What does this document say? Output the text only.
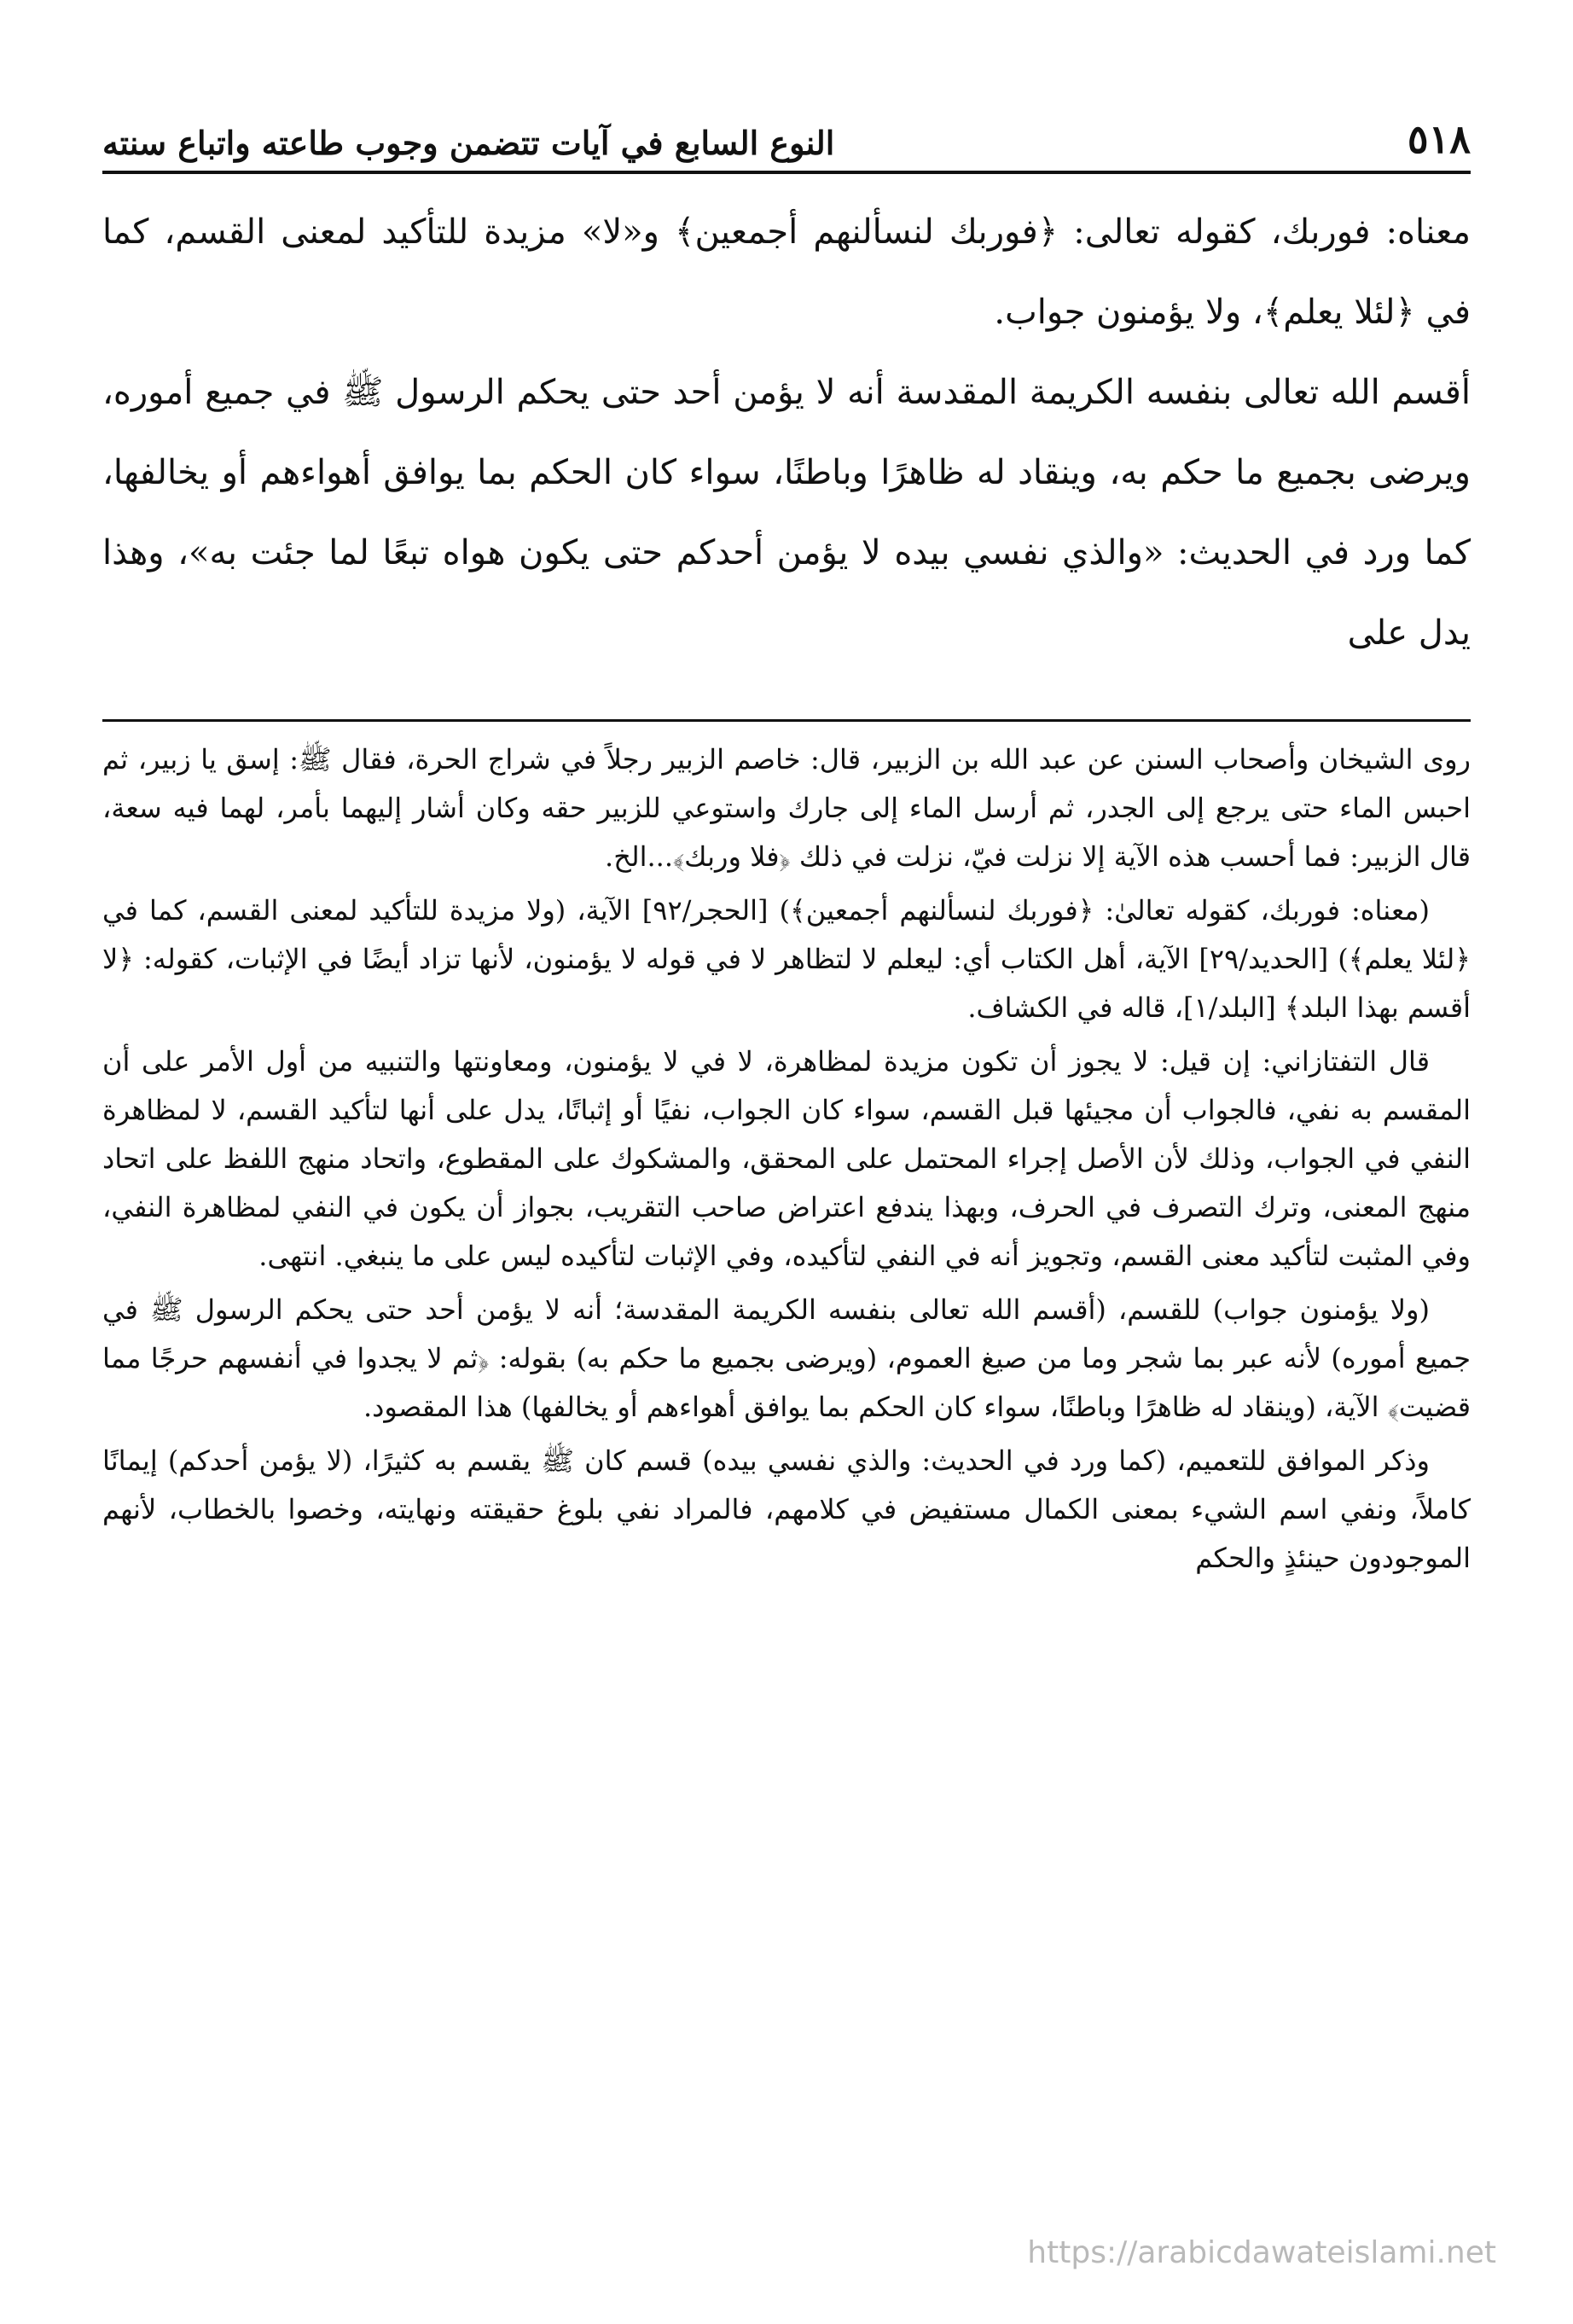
٥١٨
النوع السابع في آيات تتضمن وجوب طاعته واتباع سنته

معناه: فوربك، كقوله تعالى: ﴿فوربك لنسألنهم أجمعين﴾ و«لا» مزيدة للتأكيد لمعنى القسم، كما في ﴿لئلا يعلم﴾، ولا يؤمنون جواب.

أقسم الله تعالى بنفسه الكريمة المقدسة أنه لا يؤمن أحد حتى يحكم الرسول ﷺ في جميع أموره، ويرضى بجميع ما حكم به، وينقاد له ظاهرًا وباطنًا، سواء كان الحكم بما يوافق أهواءهم أو يخالفها، كما ورد في الحديث: «والذي نفسي بيده لا يؤمن أحدكم حتى يكون هواه تبعًا لما جئت به»، وهذا يدل على

روى الشيخان وأصحاب السنن عن عبد الله بن الزبير، قال: خاصم الزبير رجلاً في شراج الحرة، فقال ﷺ: إسق يا زبير، ثم احبس الماء حتى يرجع إلى الجدر، ثم أرسل الماء إلى جارك واستوعي للزبير حقه وكان أشار إليهما بأمر، لهما فيه سعة، قال الزبير: فما أحسب هذه الآية إلا نزلت فيّ، نزلت في ذلك ﴿فلا وربك﴾...الخ.

(معناه: فوربك، كقوله تعالىٰ: ﴿فوربك لنسألنهم أجمعين﴾) [الحجر/٩٢] الآية، (ولا مزيدة للتأكيد لمعنى القسم، كما في ﴿لئلا يعلم﴾) [الحديد/٢٩] الآية، أهل الكتاب أي: ليعلم لا لتظاهر لا في قوله لا يؤمنون، لأنها تزاد أيضًا في الإثبات، كقوله: ﴿لا أقسم بهذا البلد﴾ [البلد/١]، قاله في الكشاف.

قال التفتازاني: إن قيل: لا يجوز أن تكون مزيدة لمظاهرة، لا في لا يؤمنون، ومعاونتها والتنبيه من أول الأمر على أن المقسم به نفي، فالجواب أن مجيئها قبل القسم، سواء كان الجواب، نفيًا أو إثباتًا، يدل على أنها لتأكيد القسم، لا لمظاهرة النفي في الجواب، وذلك لأن الأصل إجراء المحتمل على المحقق، والمشكوك على المقطوع، واتحاد منهج اللفظ على اتحاد منهج المعنى، وترك التصرف في الحرف، وبهذا يندفع اعتراض صاحب التقريب، بجواز أن يكون في النفي لمظاهرة النفي، وفي المثبت لتأكيد معنى القسم، وتجويز أنه في النفي لتأكيده، وفي الإثبات لتأكيده ليس على ما ينبغي. انتهى.

(ولا يؤمنون جواب) للقسم، (أقسم الله تعالى بنفسه الكريمة المقدسة؛ أنه لا يؤمن أحد حتى يحكم الرسول ﷺ في جميع أموره) لأنه عبر بما شجر وما من صيغ العموم، (ويرضى بجميع ما حكم به) بقوله: ﴿ثم لا يجدوا في أنفسهم حرجًا مما قضيت﴾ الآية، (وينقاد له ظاهرًا وباطنًا، سواء كان الحكم بما يوافق أهواءهم أو يخالفها) هذا المقصود.

وذكر الموافق للتعميم، (كما ورد في الحديث: والذي نفسي بيده) قسم كان ﷺ يقسم به كثيرًا، (لا يؤمن أحدكم) إيمانًا كاملاً، ونفي اسم الشيء بمعنى الكمال مستفيض في كلامهم، فالمراد نفي بلوغ حقيقته ونهايته، وخصوا بالخطاب، لأنهم الموجودون حينئذٍ والحكم

https://arabicdawateislami.net
